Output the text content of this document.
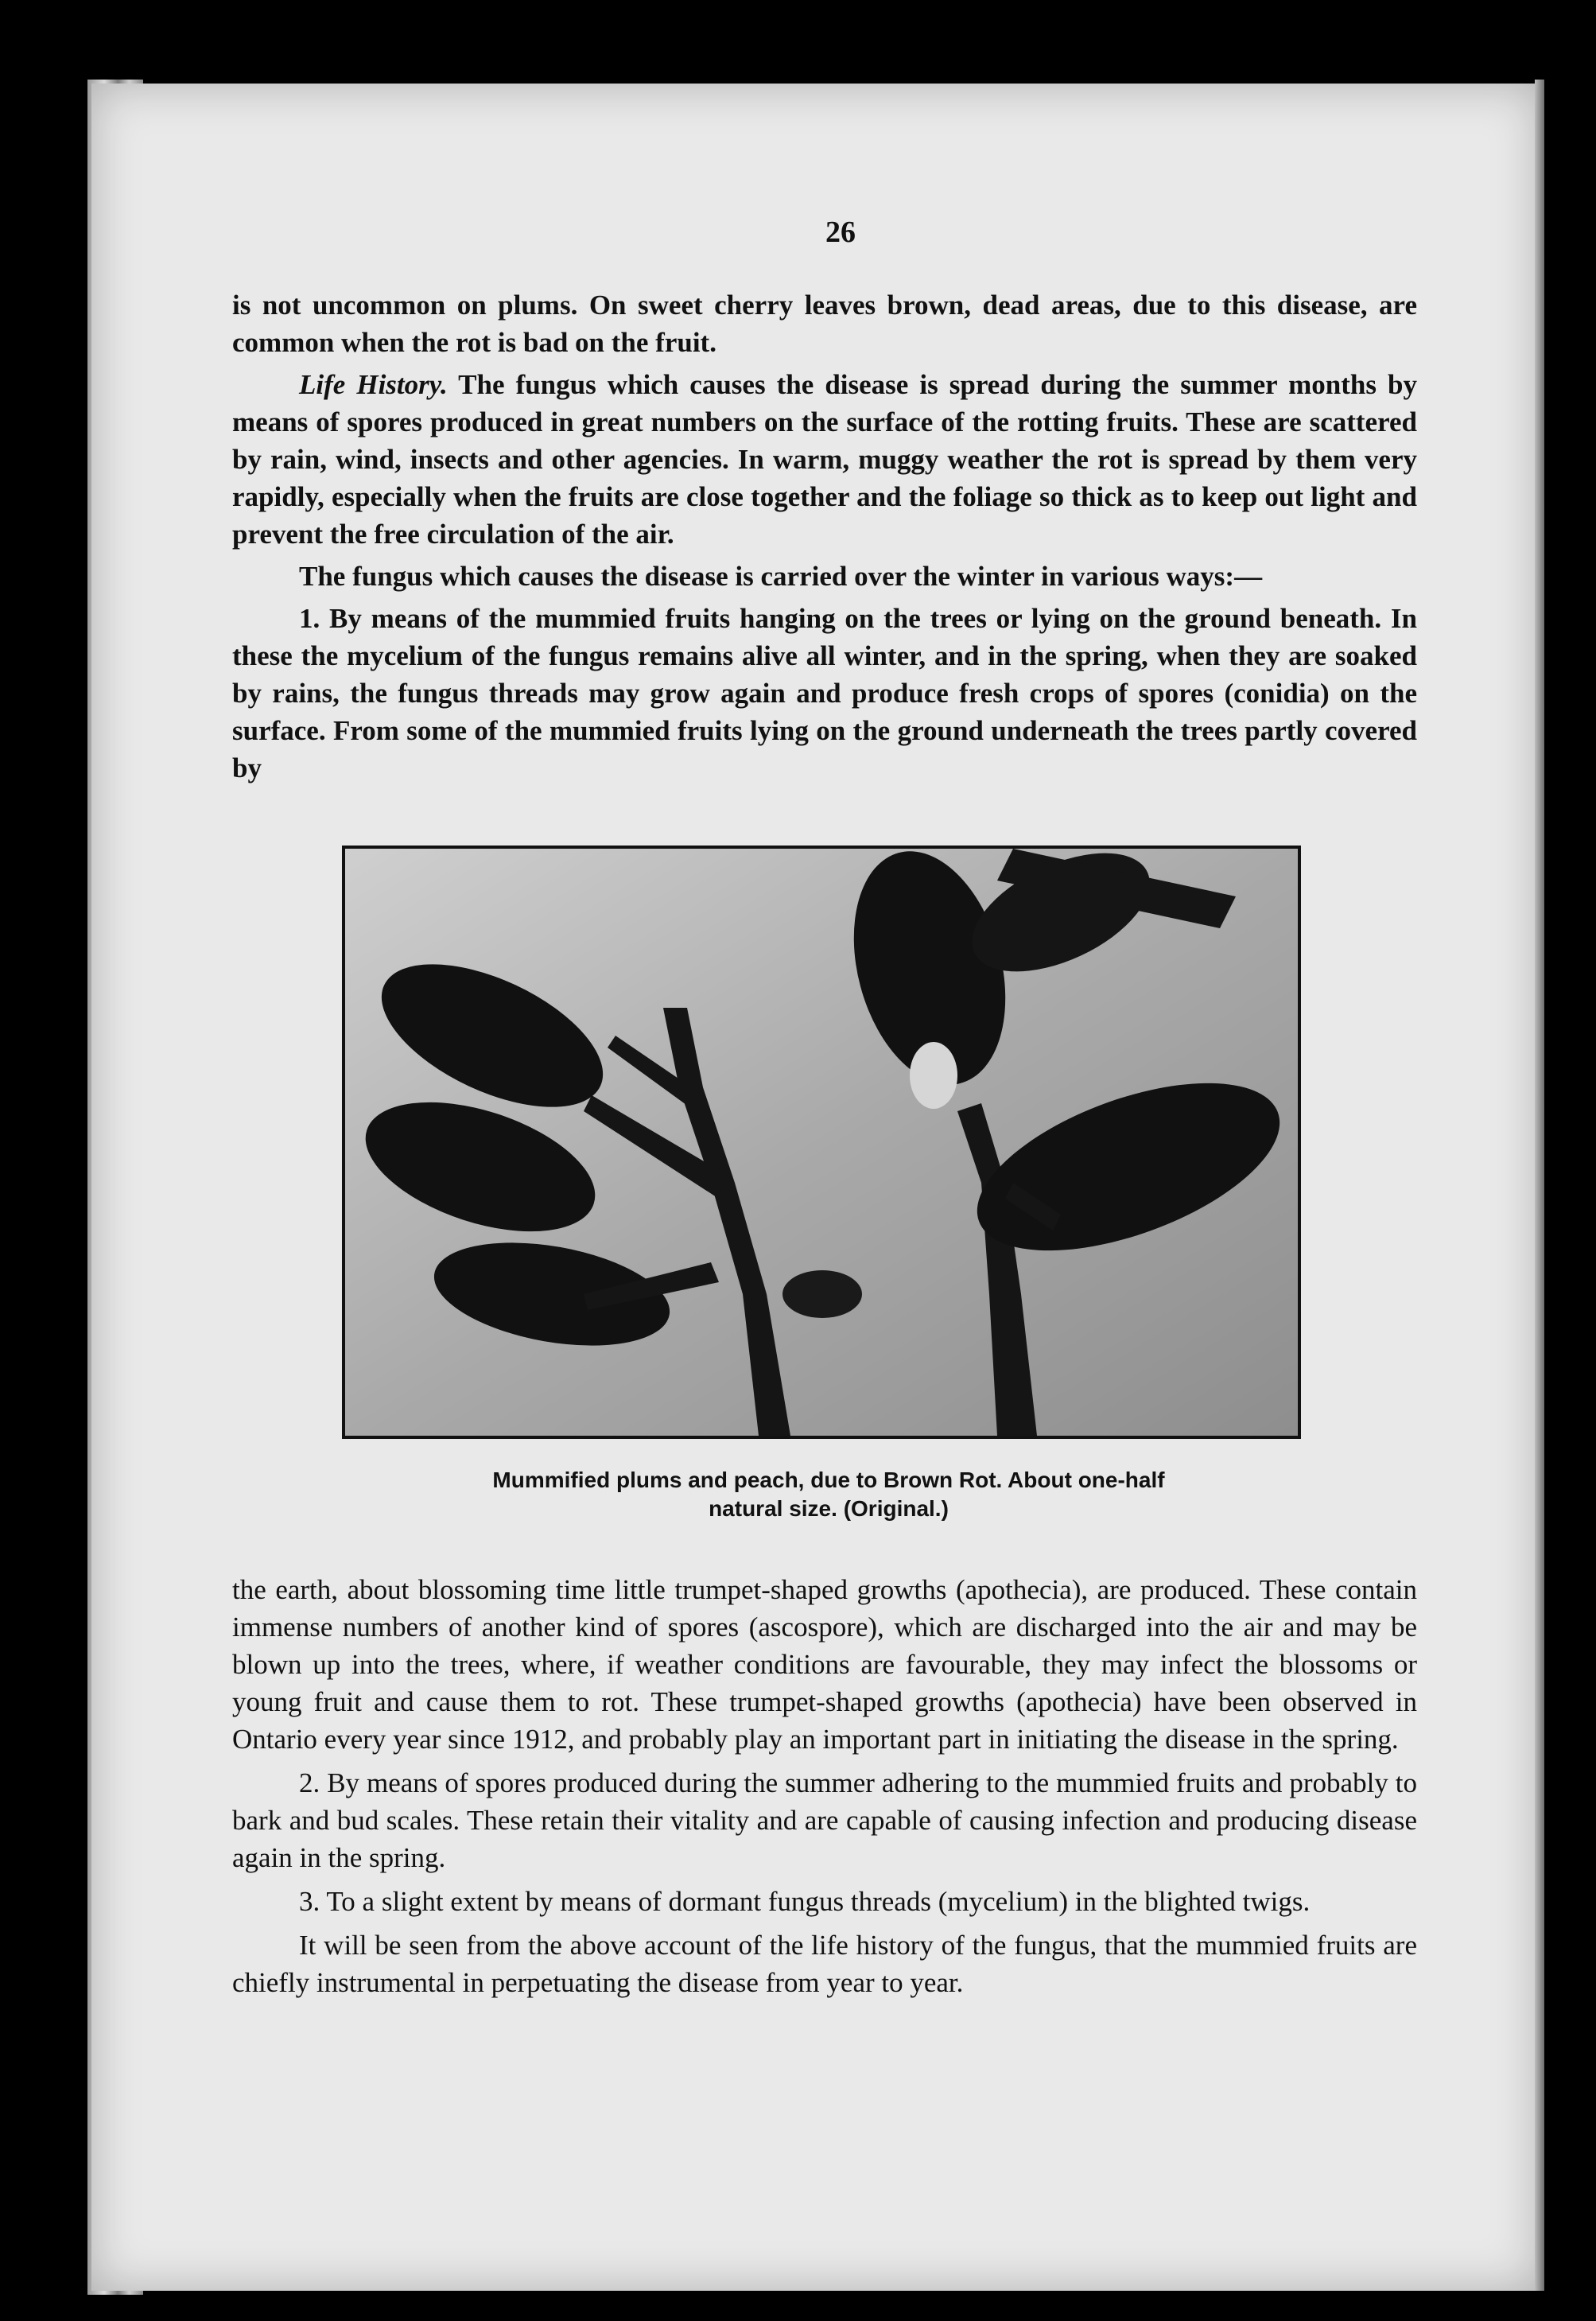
26

is not uncommon on plums. On sweet cherry leaves brown, dead areas, due to this disease, are common when the rot is bad on the fruit.

Life History. The fungus which causes the disease is spread during the summer months by means of spores produced in great numbers on the surface of the rotting fruits. These are scattered by rain, wind, insects and other agencies. In warm, muggy weather the rot is spread by them very rapidly, especially when the fruits are close together and the foliage so thick as to keep out light and prevent the free circulation of the air.

The fungus which causes the disease is carried over the winter in various ways:—

1. By means of the mummied fruits hanging on the trees or lying on the ground beneath. In these the mycelium of the fungus remains alive all winter, and in the spring, when they are soaked by rains, the fungus threads may grow again and produce fresh crops of spores (conidia) on the surface. From some of the mummied fruits lying on the ground underneath the trees partly covered by

Mummified plums and peach, due to Brown Rot. About one-half
natural size. (Original.)

the earth, about blossoming time little trumpet-shaped growths (apothecia), are produced. These contain immense numbers of another kind of spores (ascospore), which are discharged into the air and may be blown up into the trees, where, if weather conditions are favourable, they may infect the blossoms or young fruit and cause them to rot. These trumpet-shaped growths (apothecia) have been observed in Ontario every year since 1912, and probably play an important part in initiating the disease in the spring.

2. By means of spores produced during the summer adhering to the mummied fruits and probably to bark and bud scales. These retain their vitality and are capable of causing infection and producing disease again in the spring.

3. To a slight extent by means of dormant fungus threads (mycelium) in the blighted twigs.

It will be seen from the above account of the life history of the fungus, that the mummied fruits are chiefly instrumental in perpetuating the disease from year to year.
